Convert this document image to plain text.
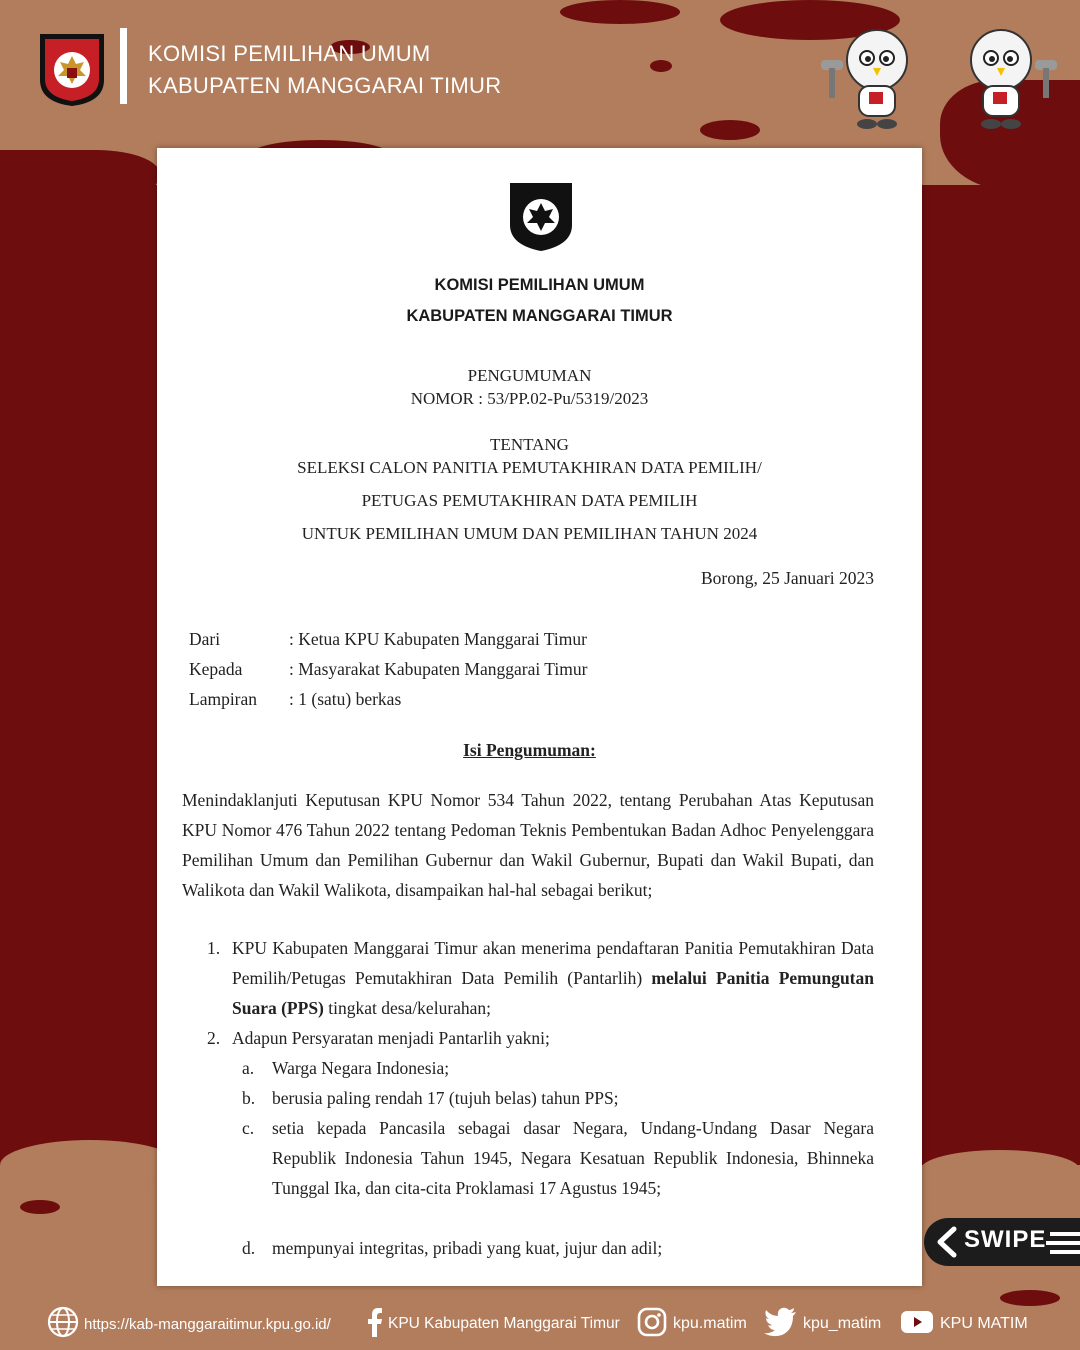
KOMISI PEMILIHAN UMUM
KABUPATEN MANGGARAI TIMUR
KOMISI PEMILIHAN UMUM
KABUPATEN MANGGARAI TIMUR
PENGUMUMAN
NOMOR : 53/PP.02-Pu/5319/2023
TENTANG
SELEKSI CALON PANITIA PEMUTAKHIRAN DATA PEMILIH/
PETUGAS PEMUTAKHIRAN DATA PEMILIH
UNTUK PEMILIHAN UMUM DAN PEMILIHAN TAHUN 2024
Borong, 25 Januari 2023
Dari	: Ketua KPU Kabupaten Manggarai Timur
Kepada	: Masyarakat Kabupaten Manggarai Timur
Lampiran : 1 (satu) berkas
Isi Pengumuman:
Menindaklanjuti Keputusan KPU Nomor 534 Tahun 2022, tentang Perubahan Atas Keputusan KPU Nomor 476 Tahun 2022 tentang Pedoman Teknis Pembentukan Badan Adhoc Penyelenggara Pemilihan Umum dan Pemilihan Gubernur dan Wakil Gubernur, Bupati dan Wakil Bupati, dan Walikota dan Wakil Walikota, disampaikan hal-hal sebagai berikut;
1. KPU Kabupaten Manggarai Timur akan menerima pendaftaran Panitia Pemutakhiran Data Pemilih/Petugas Pemutakhiran Data Pemilih (Pantarlih) melalui Panitia Pemungutan Suara (PPS) tingkat desa/kelurahan;
2. Adapun Persyaratan menjadi Pantarlih yakni;
a. Warga Negara Indonesia;
b. berusia paling rendah 17 (tujuh belas) tahun PPS;
c. setia kepada Pancasila sebagai dasar Negara, Undang-Undang Dasar Negara Republik Indonesia Tahun 1945, Negara Kesatuan Republik Indonesia, Bhinneka Tunggal Ika, dan cita-cita Proklamasi 17 Agustus 1945;
d. mempunyai integritas, pribadi yang kuat, jujur dan adil;	SWIPE
https://kab-manggaraitimur.kpu.go.id/	KPU Kabupaten Manggarai Timur	kpu.matim	kpu_matim	KPU MATIM
